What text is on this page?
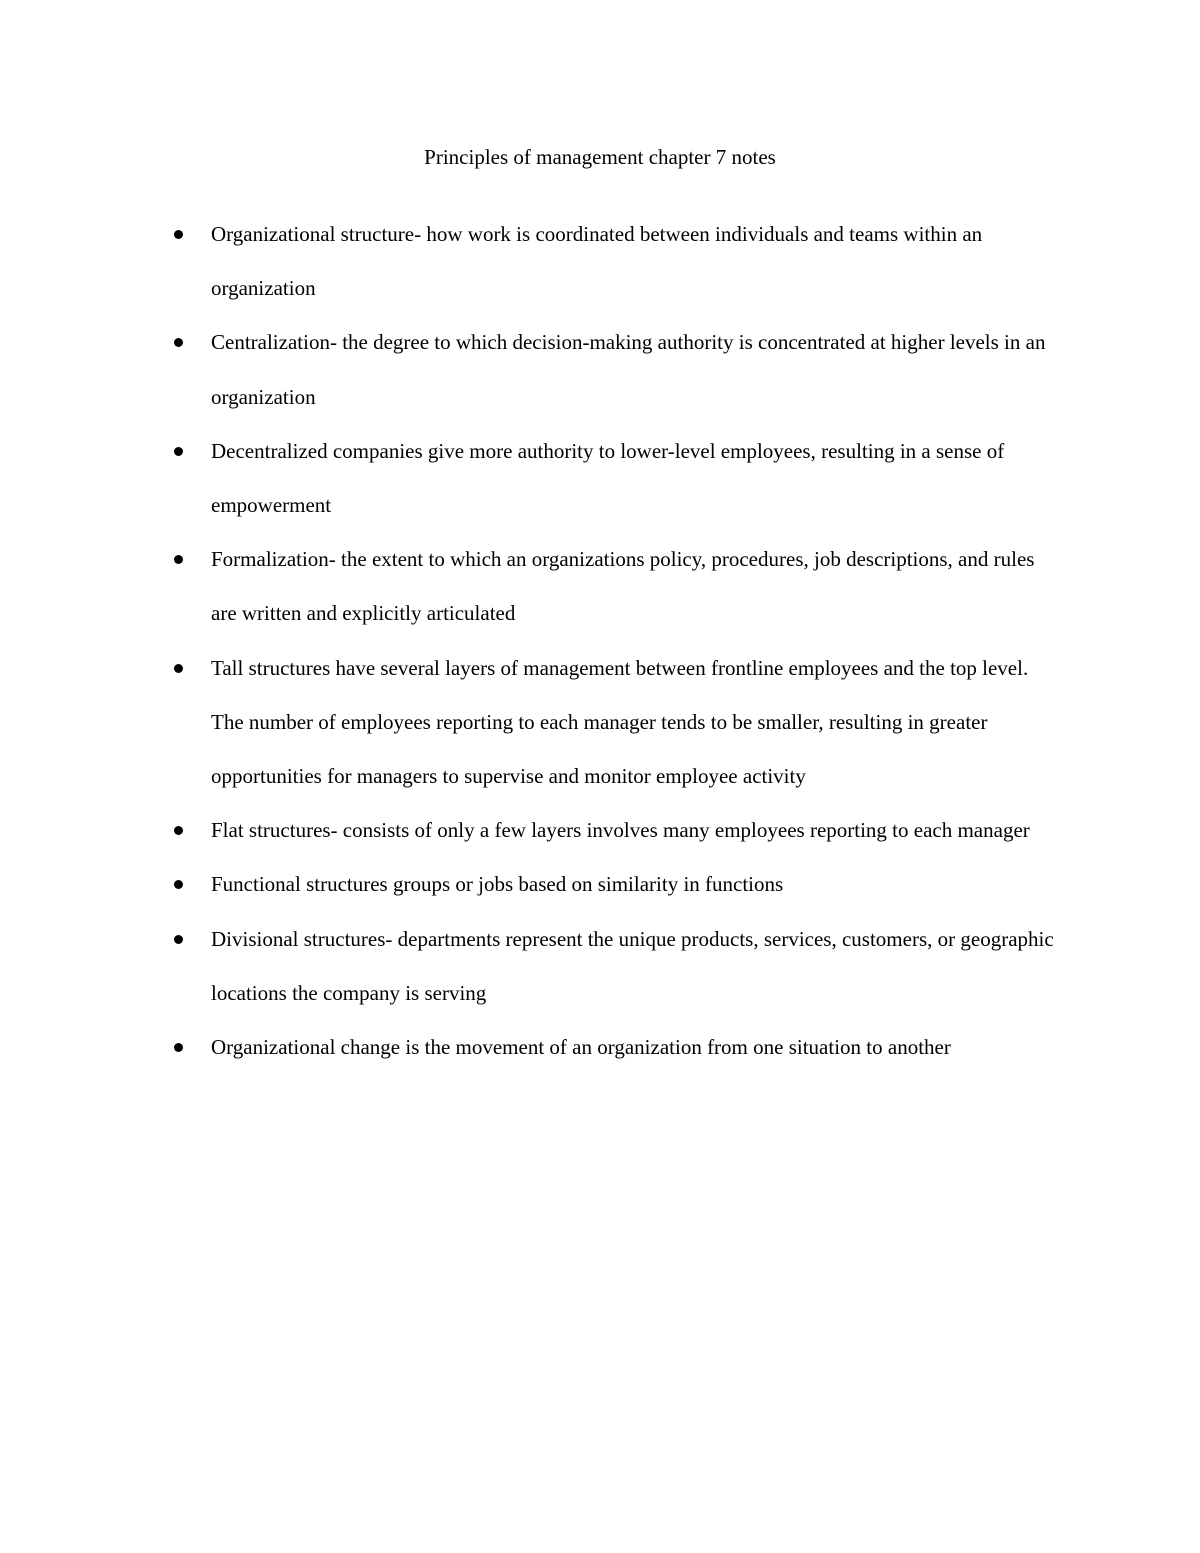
Principles of management chapter 7 notes
Organizational structure- how work is coordinated between individuals and teams within an organization
Centralization- the degree to which decision-making authority is concentrated at higher levels in an organization
Decentralized companies give more authority to lower-level employees, resulting in a sense of empowerment
Formalization- the extent to which an organizations policy, procedures, job descriptions, and rules are written and explicitly articulated
Tall structures have several layers of management between frontline employees and the top level. The number of employees reporting to each manager tends to be smaller, resulting in greater opportunities for managers to supervise and monitor employee activity
Flat structures- consists of only a few layers involves many employees reporting to each manager
Functional structures groups or jobs based on similarity in functions
Divisional structures- departments represent the unique products, services, customers, or geographic locations the company is serving
Organizational change is the movement of an organization from one situation to another
